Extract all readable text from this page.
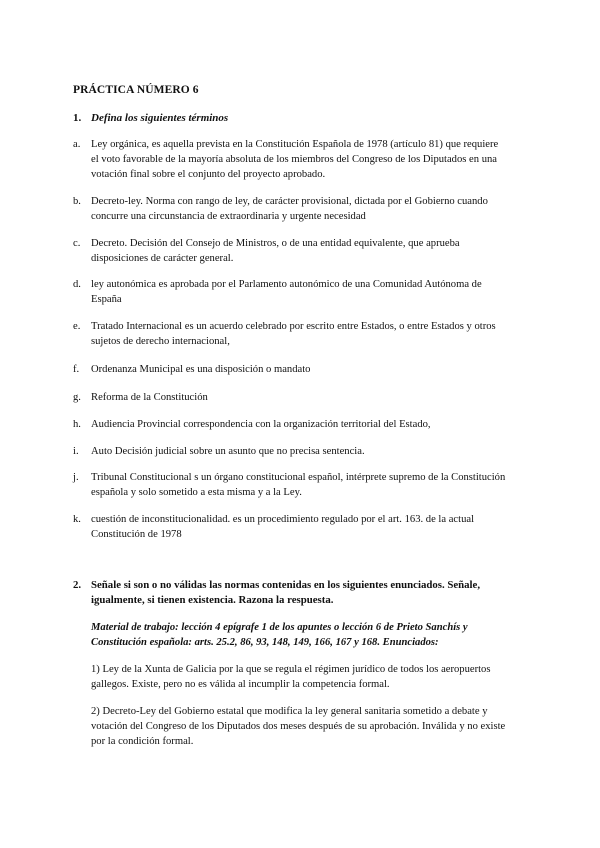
PRÁCTICA NÚMERO 6
1. Defina los siguientes términos
a.	Ley orgánica, es aquella prevista en la Constitución Española de 1978 (artículo 81) que requiere
el voto favorable de la mayoría absoluta de los miembros del Congreso de los Diputados en una
votación final sobre el conjunto del proyecto aprobado.
b. Decreto-ley. Norma con rango de ley, de carácter provisional, dictada por el Gobierno cuando
concurre una circunstancia de extraordinaria y urgente necesidad
c.	Decreto. Decisión del Consejo de Ministros, o de una entidad equivalente, que aprueba
disposiciones de carácter general.
d. ley autonómica es aprobada por el Parlamento autonómico de una Comunidad Autónoma de
España
e.	Tratado Internacional es un acuerdo celebrado por escrito entre Estados, o entre Estados y otros
sujetos de derecho internacional,
f.	Ordenanza Municipal es una disposición o mandato
g. Reforma de la Constitución
h. Audiencia Provincial correspondencia con la organización territorial del Estado,
i.	Auto Decisión judicial sobre un asunto que no precisa sentencia.
j.	Tribunal Constitucional s un órgano constitucional español, intérprete supremo de la Constitución
española y solo sometido a esta misma y a la Ley.
k. cuestión de inconstitucionalidad. es un procedimiento regulado por el art. 163. de la actual
Constitución de 1978
2. Señale si son o no válidas las normas contenidas en los siguientes enunciados. Señale,
igualmente, si tienen existencia. Razona la respuesta.
Material de trabajo: lección 4 epígrafe 1 de los apuntes o lección 6 de Prieto Sanchís y
Constitución española: arts. 25.2, 86, 93, 148, 149, 166, 167 y 168. Enunciados:
1) Ley de la Xunta de Galicia por la que se regula el régimen jurídico de todos los aeropuertos
gallegos. Existe, pero no es válida al incumplir la competencia formal.
2) Decreto-Ley del Gobierno estatal que modifica la ley general sanitaria sometido a debate y
votación del Congreso de los Diputados dos meses después de su aprobación. Inválida y no existe
por la condición formal.
